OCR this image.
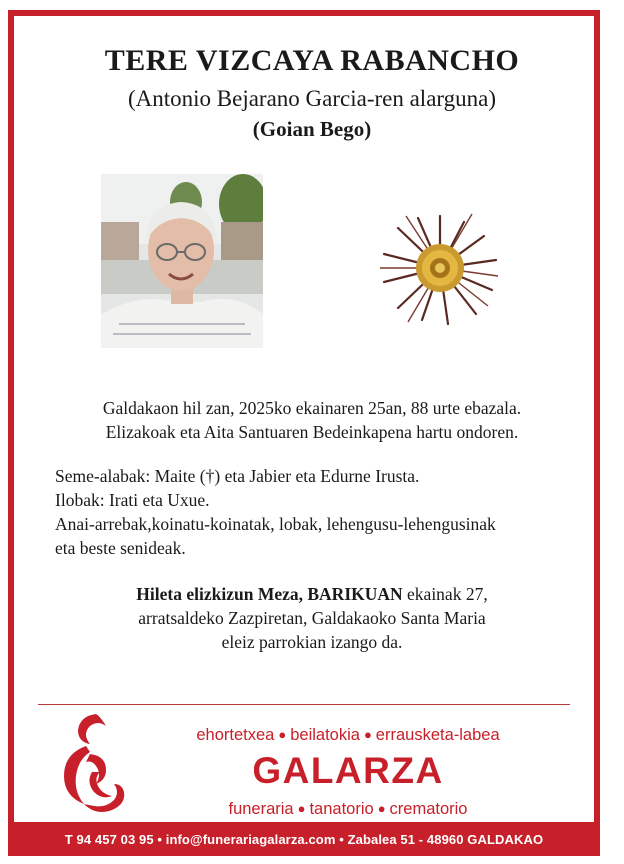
TERE VIZCAYA RABANCHO
(Antonio Bejarano Garcia-ren alarguna)
(Goian Bego)
Galdakaon hil zan, 2025ko ekainaren 25an, 88 urte ebazala.
Elizakoak eta Aita Santuaren Bedeinkapena hartu ondoren.
Seme-alabak: Maite (†) eta Jabier eta Edurne Irusta.
Ilobak: Irati eta Uxue.
Anai-arrebak,koinatu-koinatak, lobak, lehengusu-lehengusinak
eta beste senideak.
Hileta elizkizun Meza, BARIKUAN ekainak 27,
arratsaldeko Zazpiretan, Galdakaoko Santa Maria
eleiz parrokian izango da.
ehortetxea ● beilatokia ● errausketa-labea
GALARZA
funeraria ● tanatorio ● crematorio
T 94 457 03 95 • info@funerariagalarza.com • Zabalea 51 - 48960 GALDAKAO
